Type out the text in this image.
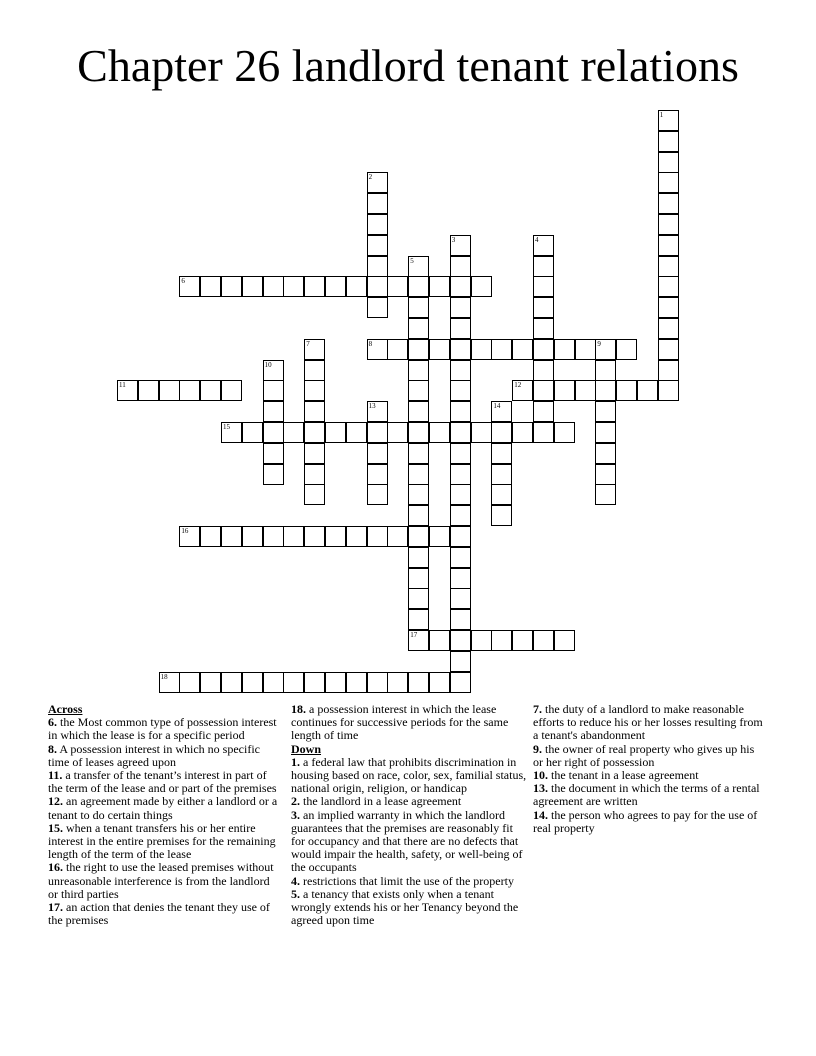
Chapter 26 landlord tenant relations
6
8	9
11	12
15
16
17
18
1
2
3	4
5
7
10
13	14
Across

6. the Most common type of possession interest in which the lease is for a specific period

8. A possession interest in which no specific time of leases agreed upon

11. a transfer of the tenant’s interest in part of the term of the lease and or part of the premises

12. an agreement made by either a landlord or a tenant to do certain things

15. when a tenant transfers his or her entire interest in the entire premises for the remaining length of the term of the lease

16. the right to use the leased premises without unreasonable interference is from the landlord or third parties

17. an action that denies the tenant they use of the premises

18. a possession interest in which the lease continues for successive periods for the same length of time

Down

1. a federal law that prohibits discrimination in housing based on race, color, sex, familial status, national origin, religion, or handicap

2. the landlord in a lease agreement

3. an implied warranty in which the landlord guarantees that the premises are reasonably fit for occupancy and that there are no defects that would impair the health, safety, or well-being of the occupants

4. restrictions that limit the use of the property

5. a tenancy that exists only when a tenant wrongly extends his or her Tenancy beyond the agreed upon time

7. the duty of a landlord to make reasonable efforts to reduce his or her losses resulting from a tenant's abandonment

9. the owner of real property who gives up his or her right of possession

10. the tenant in a lease agreement

13. the document in which the terms of a rental agreement are written

14. the person who agrees to pay for the use of real property
